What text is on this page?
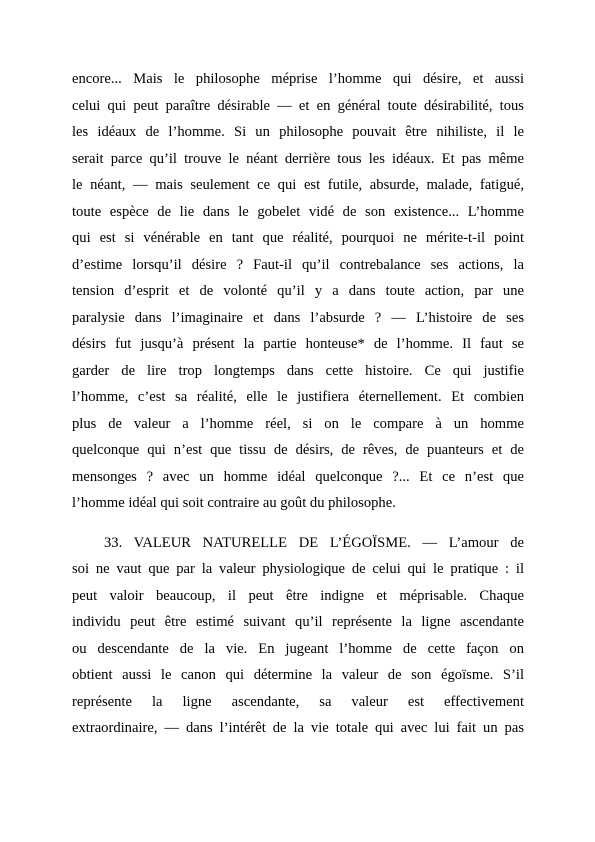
encore... Mais le philosophe méprise l’homme qui désire, et aussi
celui qui peut paraître désirable — et en général toute désirabilité, tous
les idéaux de l’homme. Si un philosophe pouvait être nihiliste, il le
serait parce qu’il trouve le néant derrière tous les idéaux. Et pas même
le néant, — mais seulement ce qui est futile, absurde, malade, fatigué,
toute espèce de lie dans le gobelet vidé de son existence... L’homme
qui est si vénérable en tant que réalité, pourquoi ne mérite-t-il point
d’estime lorsqu’il désire ? Faut-il qu’il contrebalance ses actions, la
tension d’esprit et de volonté qu’il y a dans toute action, par une
paralysie dans l’imaginaire et dans l’absurde ? — L’histoire de ses
désirs fut jusqu’à présent la partie honteuse* de l’homme. Il faut se
garder de lire trop longtemps dans cette histoire. Ce qui justifie
l’homme, c’est sa réalité, elle le justifiera éternellement. Et combien
plus de valeur a l’homme réel, si on le compare à un homme
quelconque qui n’est que tissu de désirs, de rêves, de puanteurs et de
mensonges ? avec un homme idéal quelconque ?... Et ce n’est que
l’homme idéal qui soit contraire au goût du philosophe.
33. VALEUR NATURELLE DE L’ÉGOÏSME. — L’amour de
soi ne vaut que par la valeur physiologique de celui qui le pratique : il
peut valoir beaucoup, il peut être indigne et méprisable. Chaque
individu peut être estimé suivant qu’il représente la ligne ascendante
ou descendante de la vie. En jugeant l’homme de cette façon on
obtient aussi le canon qui détermine la valeur de son égoïsme. S’il
représente la ligne ascendante, sa valeur est effectivement
extraordinaire, — dans l’intérêt de la vie totale qui avec lui fait un pas
